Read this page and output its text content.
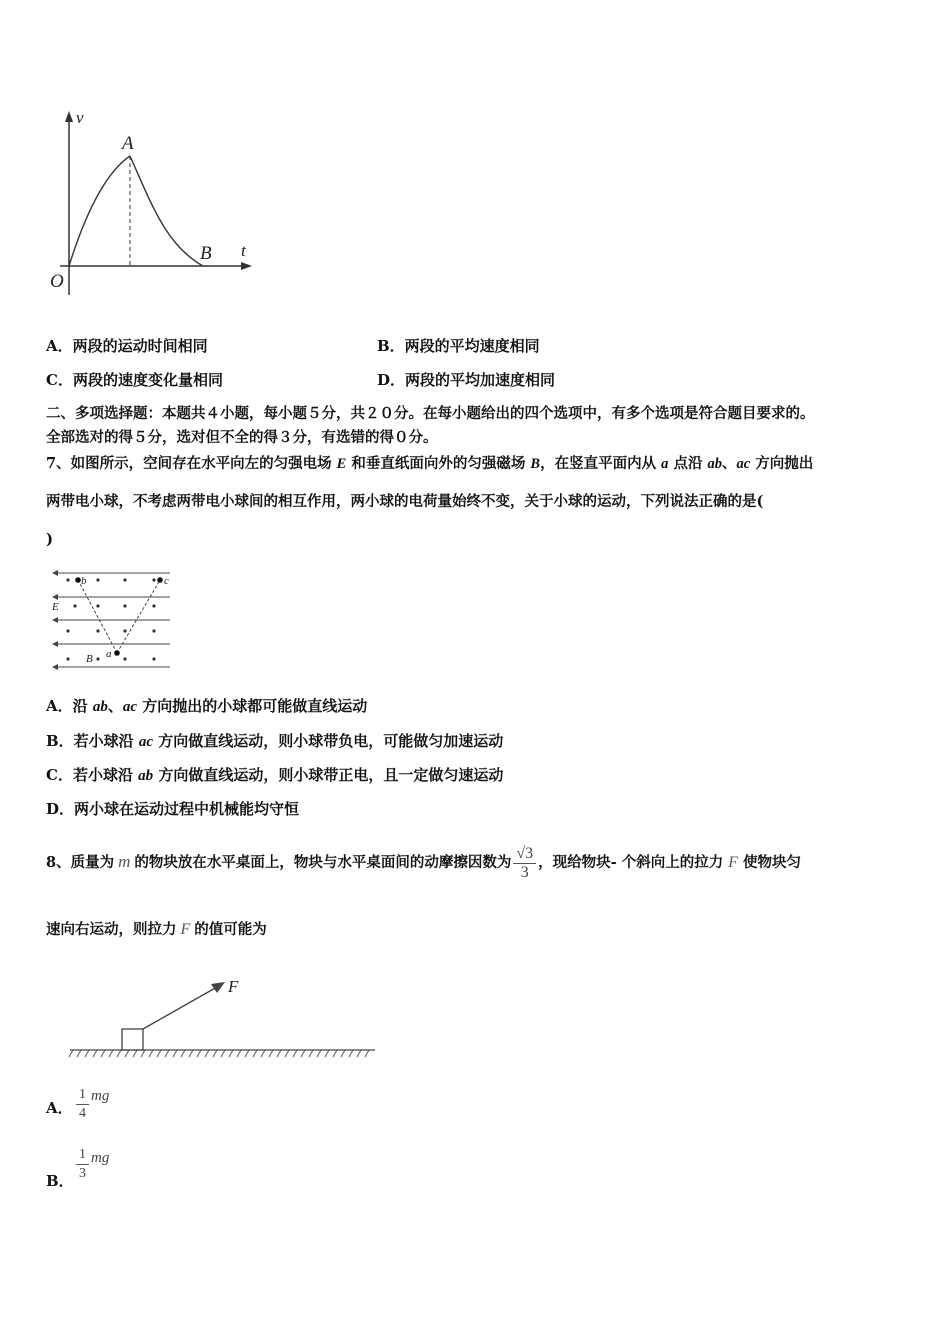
v
A
B t
O
A．两段的运动时间相同	B．两段的平均速度相同
C．两段的速度变化量相同	D．两段的平均加速度相同
二、多项选择题：本题共４小题，每小题５分，共２０分。在每小题给出的四个选项中，有多个选项是符合题目要求的。
全部选对的得５分，选对但不全的得３分，有选错的得０分。
7、如图所示，空间存在水平向左的匀强电场 E 和垂直纸面向外的匀强磁场 B，在竖直平面内从 a 点沿 ab、ac 方向抛出
两带电小球，不考虑两带电小球间的相互作用，两小球的电荷量始终不变，关于小球的运动，下列说法正确的是(
)
b	c
E
B a
A．沿 ab、ac 方向抛出的小球都可能做直线运动
B．若小球沿 ac 方向做直线运动，则小球带负电，可能做匀加速运动
C．若小球沿 ab 方向做直线运动，则小球带正电，且一定做匀速运动
D．两小球在运动过程中机械能均守恒
8、质量为 m 的物块放在水平桌面上，物块与水平桌面间的动摩擦因数为 $\frac{√3}{3}$ ，现给物块- 个斜向上的拉力 F 使物块匀
速向右运动，则拉力 F 的值可能为
F
A． $\frac{1}{4}$ mg
B． $\frac{1}{3}$ mg
